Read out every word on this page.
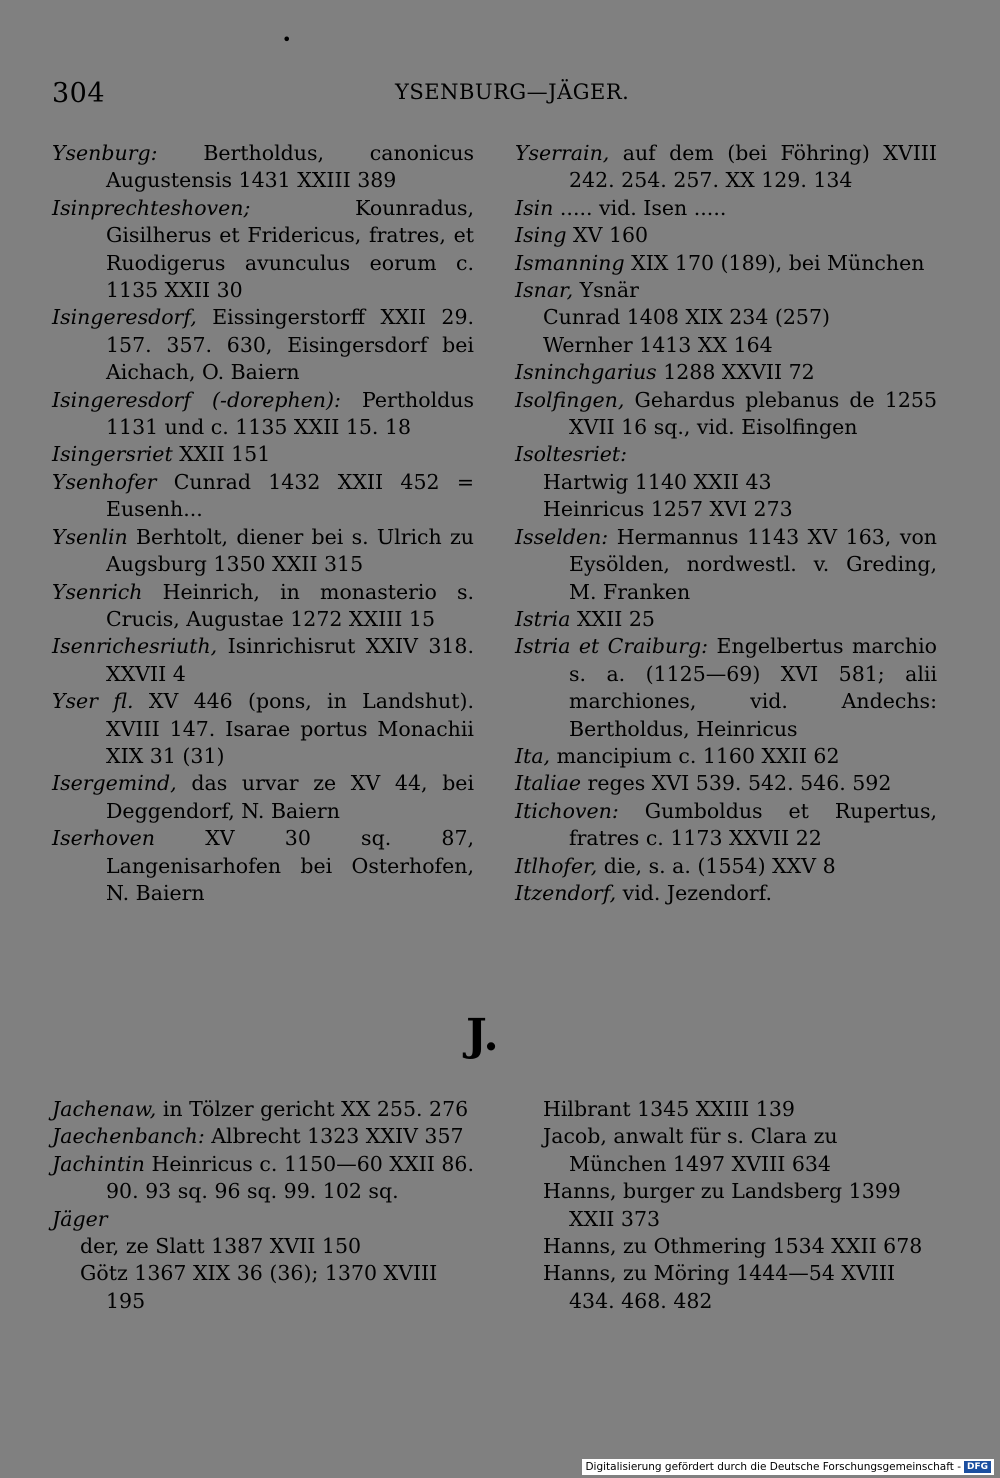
•
304	YSENBURG—JÄGER.
Ysenburg: Bertholdus, canonicus Augustensis 1431 XXIII 389
Isinprechteshoven; Kounradus, Gisilherus et Fridericus, fratres, et Ruodigerus avunculus eorum c. 1135 XXII 30
Isingeresdorf, Eissingerstorff XXII 29. 157. 357. 630, Eisingersdorf bei Aichach, O. Baiern
Isingeresdorf (-dorephen): Pertholdus 1131 und c. 1135 XXII 15. 18
Isingersriet XXII 151
Ysenhofer Cunrad 1432 XXII 452 = Eusenh...
Ysenlin Berhtolt, diener bei s. Ulrich zu Augsburg 1350 XXII 315
Ysenrich Heinrich, in monasterio s. Crucis, Augustae 1272 XXIII 15
Isenrichesriuth, Isinrichisrut XXIV 318. XXVII 4
Yser fl. XV 446 (pons, in Landshut). XVIII 147. Isarae portus Monachii XIX 31 (31)
Isergemind, das urvar ze XV 44, bei Deggendorf, N. Baiern
Iserhoven XV 30 sq. 87, Langenisarhofen bei Osterhofen, N. Baiern
Yserrain, auf dem (bei Föhring) XVIII 242. 254. 257. XX 129. 134
Isin ..... vid. Isen .....
Ising XV 160
Ismanning XIX 170 (189), bei München
Isnar, Ysnär
Cunrad 1408 XIX 234 (257)
Wernher 1413 XX 164
Isninchgarius 1288 XXVII 72
Isolfingen, Gehardus plebanus de 1255 XVII 16 sq., vid. Eisolfingen
Isoltesriet:
Hartwig 1140 XXII 43
Heinricus 1257 XVI 273
Isselden: Hermannus 1143 XV 163, von Eysölden, nordwestl. v. Greding, M. Franken
Istria XXII 25
Istria et Craiburg: Engelbertus marchio s. a. (1125—69) XVI 581; alii marchiones, vid. Andechs: Bertholdus, Heinricus
Ita, mancipium c. 1160 XXII 62
Italiae reges XVI 539. 542. 546. 592
Itichoven: Gumboldus et Rupertus, fratres c. 1173 XXVII 22
Itlhofer, die, s. a. (1554) XXV 8
Itzendorf, vid. Jezendorf.
J.
Jachenaw, in Tölzer gericht XX 255. 276
Jaechenbanch: Albrecht 1323 XXIV 357
Jachintin Heinricus c. 1150—60 XXII 86. 90. 93 sq. 96 sq. 99. 102 sq.
Jäger
der, ze Slatt 1387 XVII 150
Götz 1367 XIX 36 (36); 1370 XVIII 195
Hilbrant 1345 XXIII 139
Jacob, anwalt für s. Clara zu München 1497 XVIII 634
Hanns, burger zu Landsberg 1399 XXII 373
Hanns, zu Othmering 1534 XXII 678
Hanns, zu Möring 1444—54 XVIII 434. 468. 482
Digitalisierung gefördert durch die Deutsche Forschungsgemeinschaft - DFG
